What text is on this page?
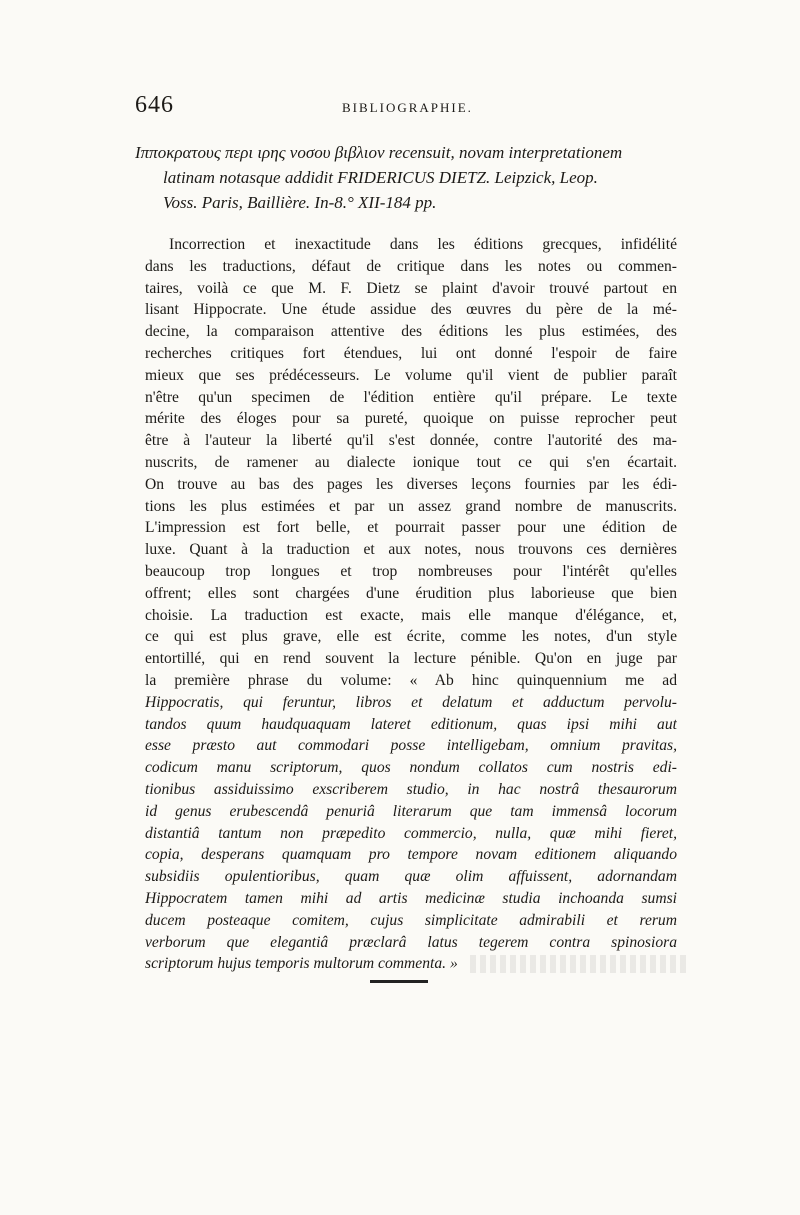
646	BIBLIOGRAPHIE.
Ιπποκρατους περι ιρης νοσου βιβλιον recensuit, novam interpretationem
latinam notasque addidit FRIDERICUS DIETZ. Leipzick, Leop.
Voss. Paris, Baillière. In-8.° XII-184 pp.
Incorrection et inexactitude dans les éditions grecques, infidélité
dans les traductions, défaut de critique dans les notes ou commen-
taires, voilà ce que M. F. Dietz se plaint d'avoir trouvé partout en
lisant Hippocrate. Une étude assidue des œuvres du père de la mé-
decine, la comparaison attentive des éditions les plus estimées, des
recherches critiques fort étendues, lui ont donné l'espoir de faire
mieux que ses prédécesseurs. Le volume qu'il vient de publier paraît
n'être qu'un specimen de l'édition entière qu'il prépare. Le texte
mérite des éloges pour sa pureté, quoique on puisse reprocher peut
être à l'auteur la liberté qu'il s'est donnée, contre l'autorité des ma-
nuscrits, de ramener au dialecte ionique tout ce qui s'en écartait.
On trouve au bas des pages les diverses leçons fournies par les édi-
tions les plus estimées et par un assez grand nombre de manuscrits.
L'impression est fort belle, et pourrait passer pour une édition de
luxe. Quant à la traduction et aux notes, nous trouvons ces dernières
beaucoup trop longues et trop nombreuses pour l'intérêt qu'elles
offrent; elles sont chargées d'une érudition plus laborieuse que bien
choisie. La traduction est exacte, mais elle manque d'élégance, et,
ce qui est plus grave, elle est écrite, comme les notes, d'un style
entortillé, qui en rend souvent la lecture pénible. Qu'on en juge par
la première phrase du volume: « Ab hinc quinquennium me ad
Hippocratis, qui feruntur, libros et delatum et adductum pervolu-
tandos quum haudquaquam lateret editionum, quas ipsi mihi aut
esse præsto aut commodari posse intelligebam, omnium pravitas,
codicum manu scriptorum, quos nondum collatos cum nostris edi-
tionibus assiduissimo exscriberem studio, in hac nostrâ thesaurorum
id genus erubescendâ penuriâ literarum que tam immensâ locorum
distantiâ tantum non præpedito commercio, nulla, quæ mihi fieret,
copia, desperans quamquam pro tempore novam editionem aliquando
subsidiis opulentioribus, quam quæ olim affuissent, adornandam
Hippocratem tamen mihi ad artis medicinæ studia inchoanda sumsi
ducem posteaque comitem, cujus simplicitate admirabili et rerum
verborum que elegantiâ præclarâ latus tegerem contra spinosiora
scriptorum hujus temporis multorum commenta. »
